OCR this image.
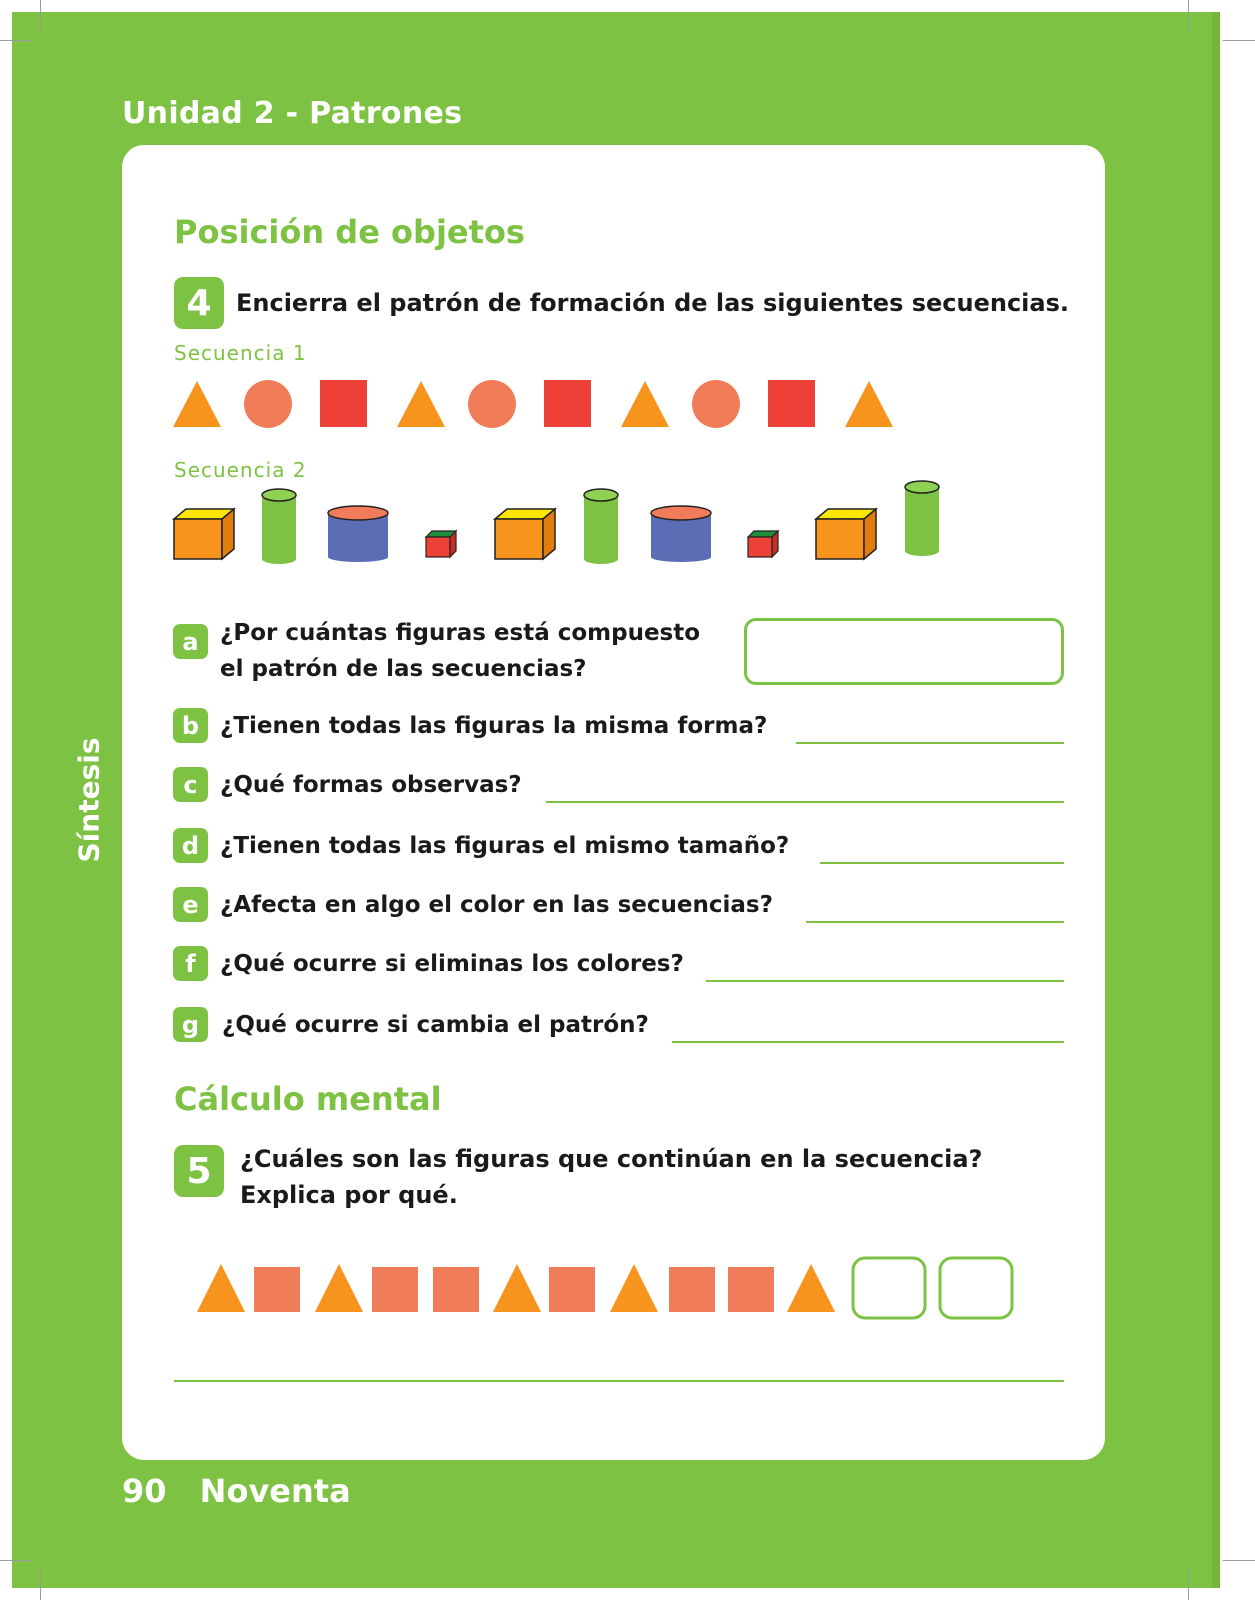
Unidad 2 - Patrones
Síntesis
90 Noventa
Posición de objetos
4	Encierra el patrón de formación de las siguientes secuencias.
Secuencia 1
Secuencia 2
a ¿Por cuántas figuras está compuesto
el patrón de las secuencias?
b ¿Tienen todas las figuras la misma forma?
c ¿Qué formas observas?
d ¿Tienen todas las figuras el mismo tamaño?
e ¿Afecta en algo el color en las secuencias?
f	¿Qué ocurre si eliminas los colores?
g ¿Qué ocurre si cambia el patrón?
Cálculo mental
5	¿Cuáles son las figuras que continúan en la secuencia?
Explica por qué.
